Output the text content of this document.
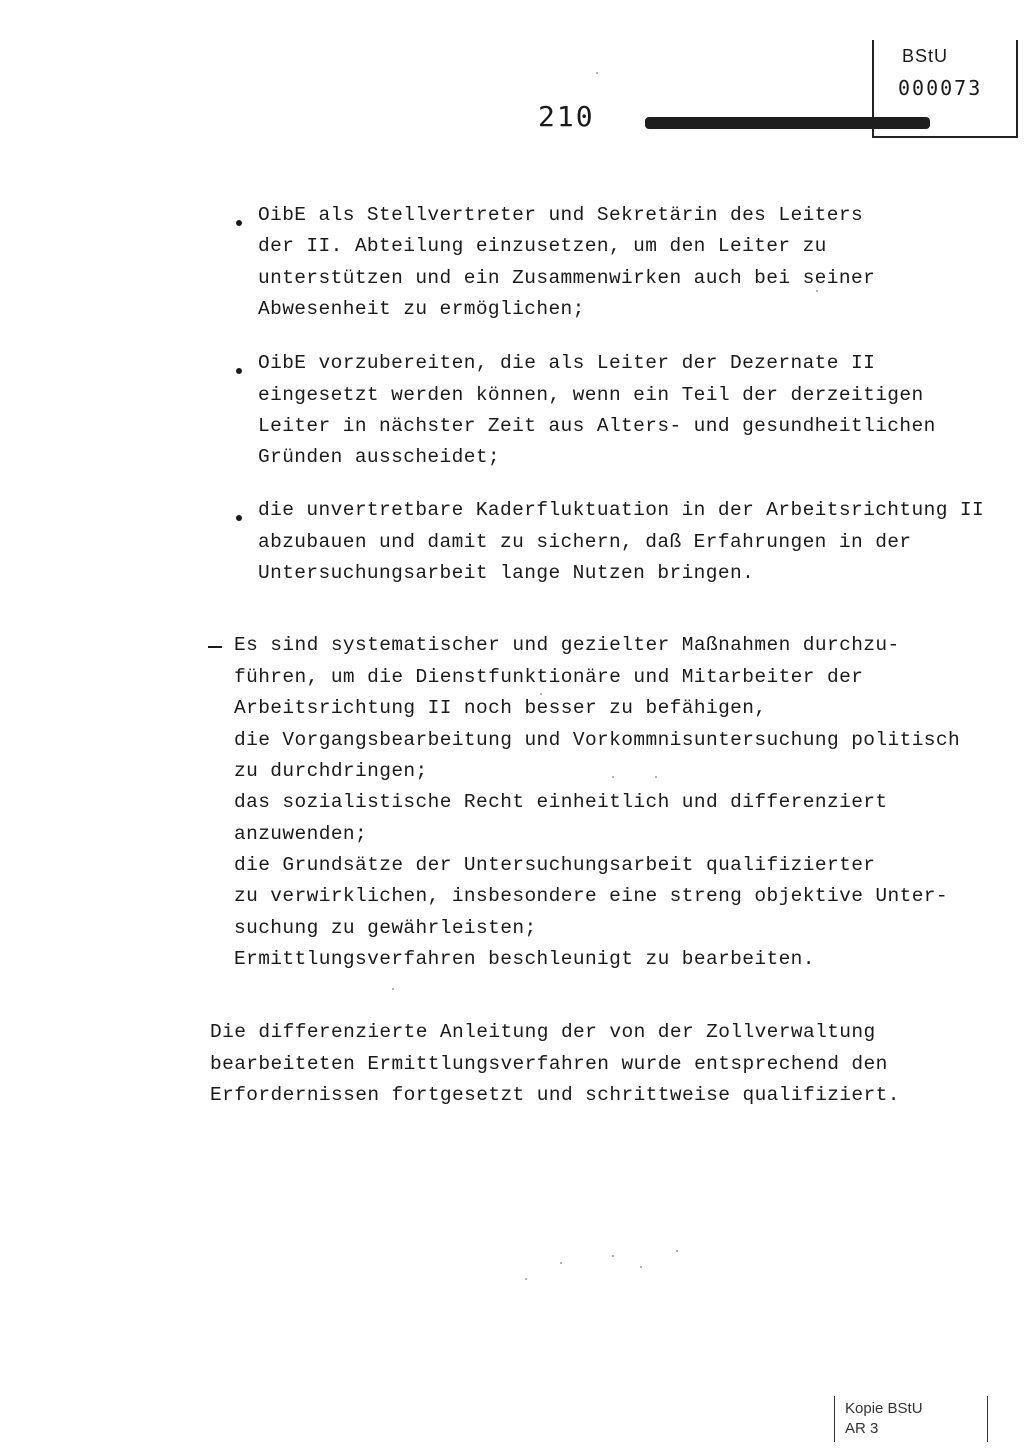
BStU
000073
210
OibE als Stellvertreter und Sekretärin des Leiters
der II. Abteilung einzusetzen, um den Leiter zu
unterstützen und ein Zusammenwirken auch bei seiner
Abwesenheit zu ermöglichen;
OibE vorzubereiten, die als Leiter der Dezernate II
eingesetzt werden können, wenn ein Teil der derzeitigen
Leiter in nächster Zeit aus Alters- und gesundheitlichen
Gründen ausscheidet;
die unvertretbare Kaderfluktuation in der Arbeitsrichtung II
abzubauen und damit zu sichern, daß Erfahrungen in der
Untersuchungsarbeit lange Nutzen bringen.
Es sind systematischer und gezielter Maßnahmen durchzu-
führen, um die Dienstfunktionäre und Mitarbeiter der
Arbeitsrichtung II noch besser zu befähigen,
die Vorgangsbearbeitung und Vorkommnisuntersuchung politisch
zu durchdringen;
das sozialistische Recht einheitlich und differenziert
anzuwenden;
die Grundsätze der Untersuchungsarbeit qualifizierter
zu verwirklichen, insbesondere eine streng objektive Unter-
suchung zu gewährleisten;
Ermittlungsverfahren beschleunigt zu bearbeiten.
Die differenzierte Anleitung der von der Zollverwaltung
bearbeiteten Ermittlungsverfahren wurde entsprechend den
Erfordernissen fortgesetzt und schrittweise qualifiziert.
Kopie BStU
AR 3
